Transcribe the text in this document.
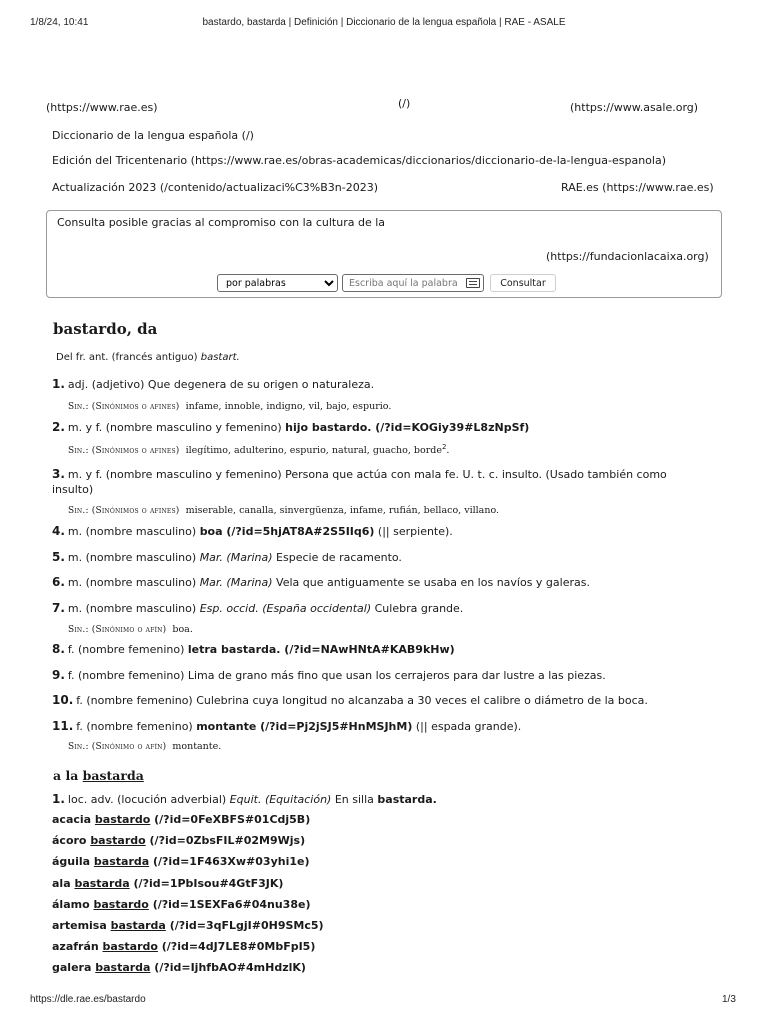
1/8/24, 10:41	bastardo, bastarda | Definición | Diccionario de la lengua española | RAE - ASALE
(https://www.rae.es)	(/)	(https://www.asale.org)
Diccionario de la lengua española (/)
Edición del Tricentenario (https://www.rae.es/obras-academicas/diccionarios/diccionario-de-la-lengua-espanola)
Actualización 2023 (/contenido/actualizaci%C3%B3n-2023)	RAE.es (https://www.rae.es)
Consulta posible gracias al compromiso con la cultura de la
(https://fundacionlacaixa.org)
por palabras
Escriba aquí la palabra
Consultar
bastardo, da
Del fr. ant. (francés antiguo) bastart.
1. adj. (adjetivo) Que degenera de su origen o naturaleza.
Sin.: (Sinónimos o afines) infame, innoble, indigno, vil, bajo, espurio.
2. m. y f. (nombre masculino y femenino) hijo bastardo. (/?id=KOGiy39#L8zNpSf)
Sin.: (Sinónimos o afines) ilegítimo, adulterino, espurio, natural, guacho, borde$^2$.
3. m. y f. (nombre masculino y femenino) Persona que actúa con mala fe. U. t. c. insulto. (Usado también como
insulto)
Sin.: (Sinónimos o afines) miserable, canalla, sinvergüenza, infame, rufián, bellaco, villano.
4. m. (nombre masculino) boa (/?id=5hjAT8A#2S5IIq6) (|| serpiente).
5. m. (nombre masculino) Mar. (Marina) Especie de racamento.
6. m. (nombre masculino) Mar. (Marina) Vela que antiguamente se usaba en los navíos y galeras.
7. m. (nombre masculino) Esp. occid. (España occidental) Culebra grande.
Sin.: (Sinónimo o afín) boa.
8. f. (nombre femenino) letra bastarda. (/?id=NAwHNtA#KAB9kHw)
9. f. (nombre femenino) Lima de grano más fino que usan los cerrajeros para dar lustre a las piezas.
10. f. (nombre femenino) Culebrina cuya longitud no alcanzaba a 30 veces el calibre o diámetro de la boca.
11. f. (nombre femenino) montante (/?id=Pj2jSJ5#HnMSJhM) (|| espada grande).
Sin.: (Sinónimo o afín) montante.
a la bastarda
1. loc. adv. (locución adverbial) Equit. (Equitación) En silla bastarda.
acacia bastardo (/?id=0FeXBFS#01Cdj5B)
ácoro bastardo (/?id=0ZbsFIL#02M9Wjs)
águila bastarda (/?id=1F463Xw#03yhi1e)
ala bastarda (/?id=1PbIsou#4GtF3JK)
álamo bastardo (/?id=1SEXFa6#04nu38e)
artemisa bastarda (/?id=3qFLgjI#0H9SMc5)
azafrán bastardo (/?id=4dJ7LE8#0MbFpI5)
galera bastarda (/?id=IjhfbAO#4mHdzlK)
https://dle.rae.es/bastardo	1/3
